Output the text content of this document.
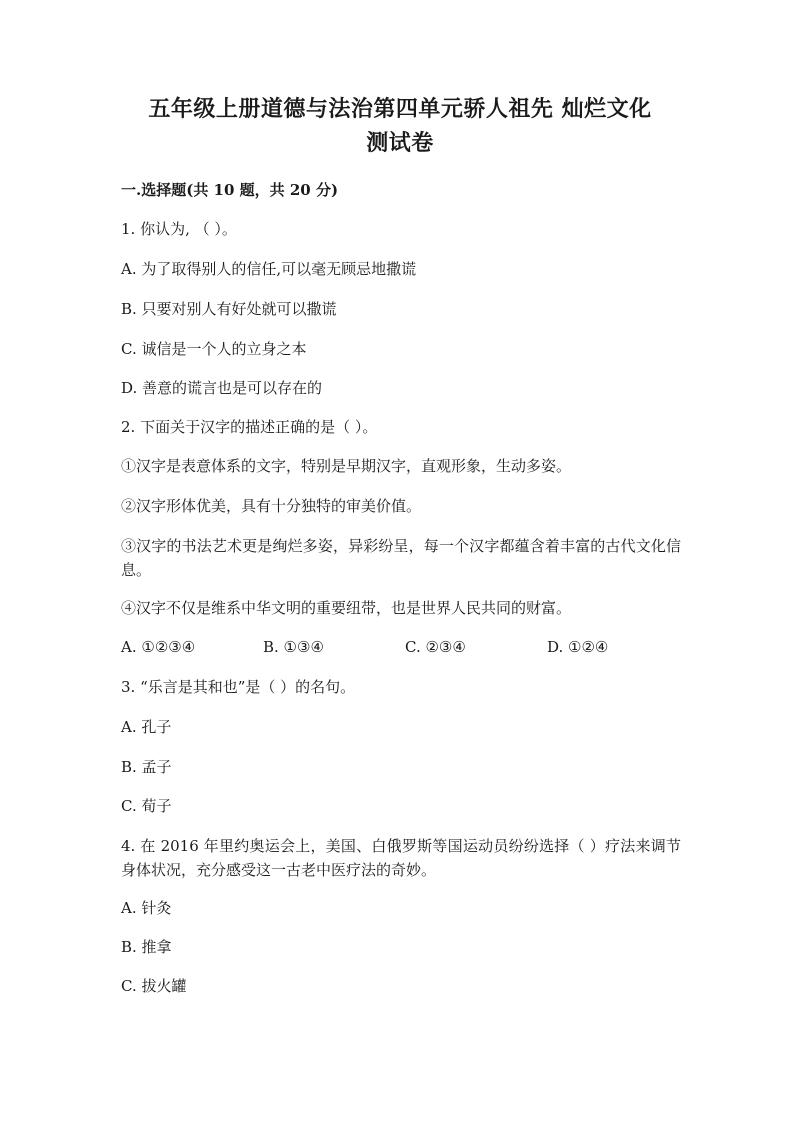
五年级上册道德与法治第四单元骄人祖先 灿烂文化
测试卷
一.选择题(共 10 题，共 20 分)
1. 你认为, （ ）。
A. 为了取得别人的信任,可以毫无顾忌地撒谎
B. 只要对别人有好处就可以撒谎
C. 诚信是一个人的立身之本
D. 善意的谎言也是可以存在的
2. 下面关于汉字的描述正确的是（ ）。
①汉字是表意体系的文字，特别是早期汉字，直观形象，生动多姿。
②汉字形体优美，具有十分独特的审美价值。
③汉字的书法艺术更是绚烂多姿，异彩纷呈，每一个汉字都蕴含着丰富的古代文化信息。
④汉字不仅是维系中华文明的重要纽带，也是世界人民共同的财富。
A. ①②③④	B. ①③④	C. ②③④	D. ①②④
3. “乐言是其和也”是（ ）的名句。
A. 孔子
B. 孟子
C. 荀子
4. 在 2016 年里约奥运会上，美国、白俄罗斯等国运动员纷纷选择（ ）疗法来调节身体状况，充分感受这一古老中医疗法的奇妙。
A. 针灸
B. 推拿
C. 拔火罐
